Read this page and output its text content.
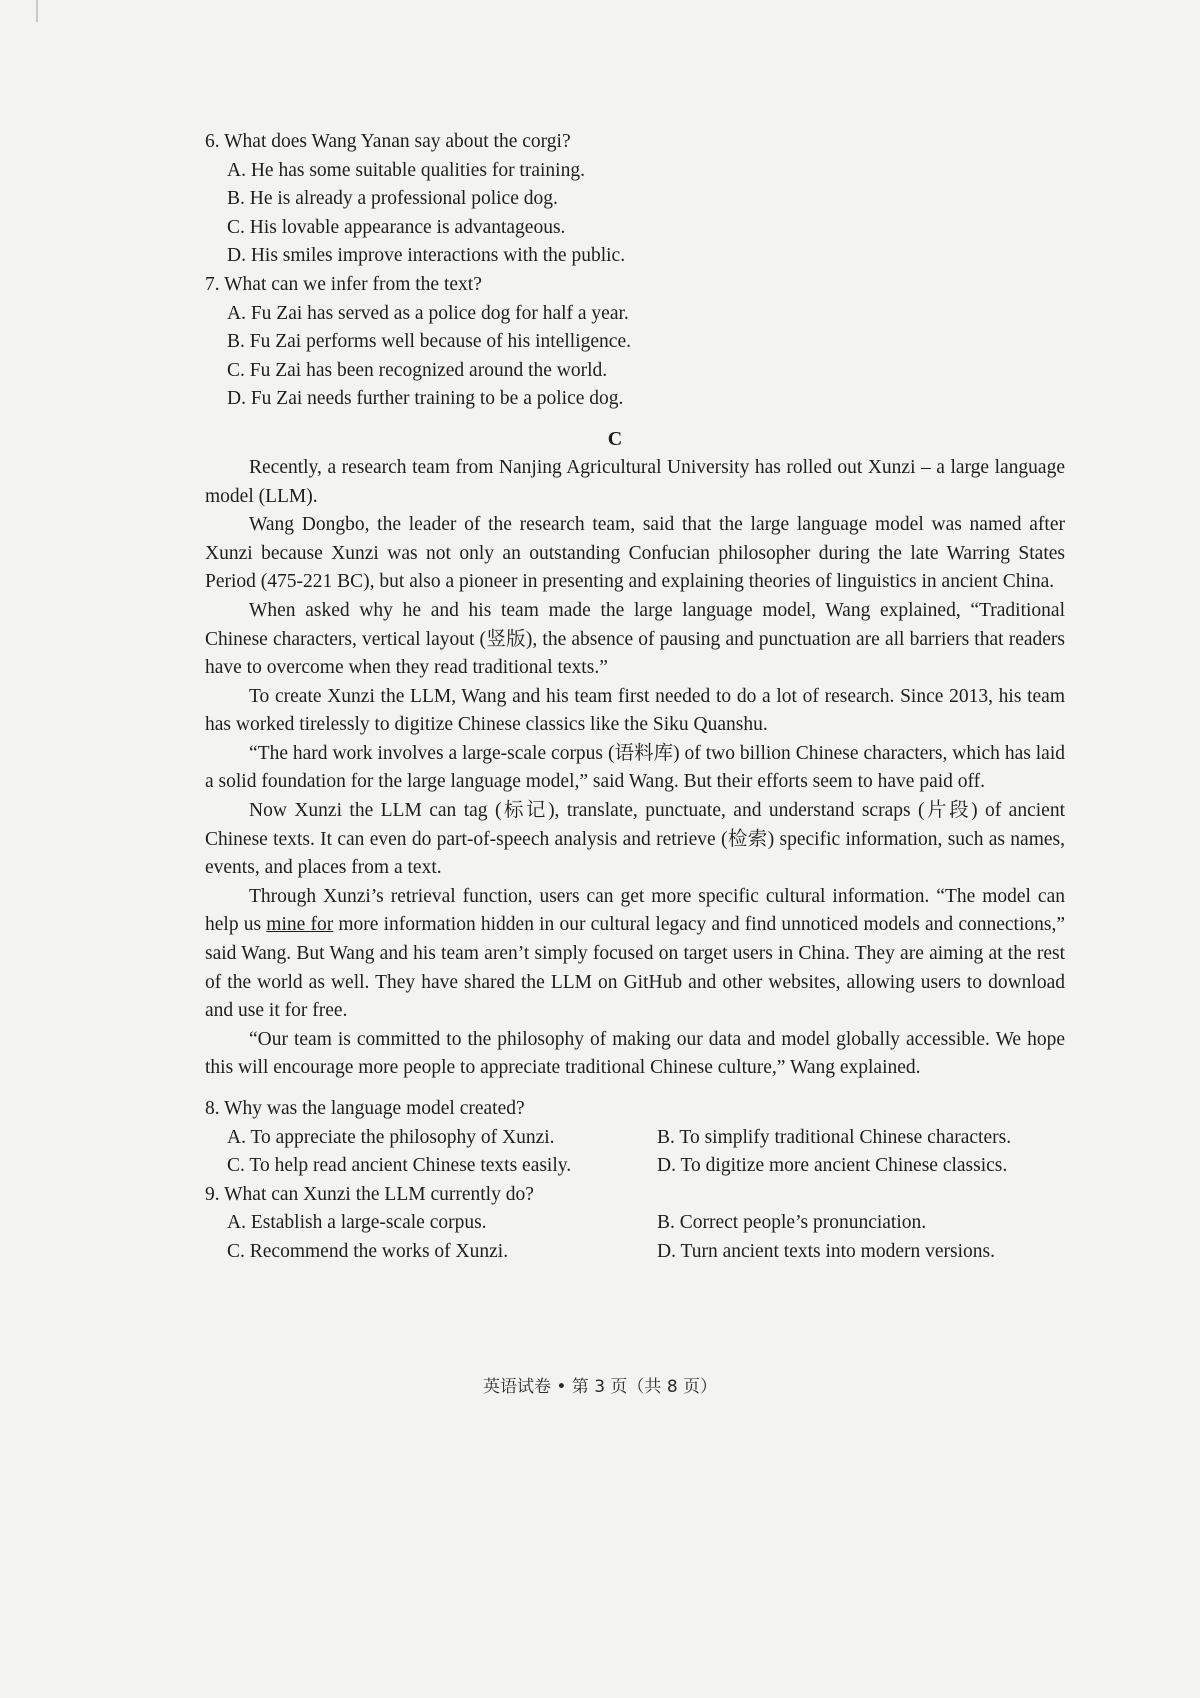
6. What does Wang Yanan say about the corgi?

A. He has some suitable qualities for training.

B. He is already a professional police dog.

C. His lovable appearance is advantageous.

D. His smiles improve interactions with the public.

7. What can we infer from the text?

A. Fu Zai has served as a police dog for half a year.

B. Fu Zai performs well because of his intelligence.

C. Fu Zai has been recognized around the world.

D. Fu Zai needs further training to be a police dog.

C

Recently, a research team from Nanjing Agricultural University has rolled out Xunzi – a large language model (LLM).

Wang Dongbo, the leader of the research team, said that the large language model was named after Xunzi because Xunzi was not only an outstanding Confucian philosopher during the late Warring States Period (475-221 BC), but also a pioneer in presenting and explaining theories of linguistics in ancient China.

When asked why he and his team made the large language model, Wang explained, “Traditional Chinese characters, vertical layout (竖版), the absence of pausing and punctuation are all barriers that readers have to overcome when they read traditional texts.”

To create Xunzi the LLM, Wang and his team first needed to do a lot of research. Since 2013, his team has worked tirelessly to digitize Chinese classics like the Siku Quanshu.

“The hard work involves a large-scale corpus (语料库) of two billion Chinese characters, which has laid a solid foundation for the large language model,” said Wang. But their efforts seem to have paid off.

Now Xunzi the LLM can tag (标记), translate, punctuate, and understand scraps (片段) of ancient Chinese texts. It can even do part-of-speech analysis and retrieve (检索) specific information, such as names, events, and places from a text.

Through Xunzi’s retrieval function, users can get more specific cultural information. “The model can help us mine for more information hidden in our cultural legacy and find unnoticed models and connections,” said Wang. But Wang and his team aren’t simply focused on target users in China. They are aiming at the rest of the world as well. They have shared the LLM on GitHub and other websites, allowing users to download and use it for free.

“Our team is committed to the philosophy of making our data and model globally accessible. We hope this will encourage more people to appreciate traditional Chinese culture,” Wang explained.

8. Why was the language model created?

A. To appreciate the philosophy of Xunzi.	B. To simplify traditional Chinese characters.
C. To help read ancient Chinese texts easily.	D. To digitize more ancient Chinese classics.

9. What can Xunzi the LLM currently do?

A. Establish a large-scale corpus.	B. Correct people’s pronunciation.
C. Recommend the works of Xunzi.	D. Turn ancient texts into modern versions.
英语试卷 • 第 3 页（共 8 页）
